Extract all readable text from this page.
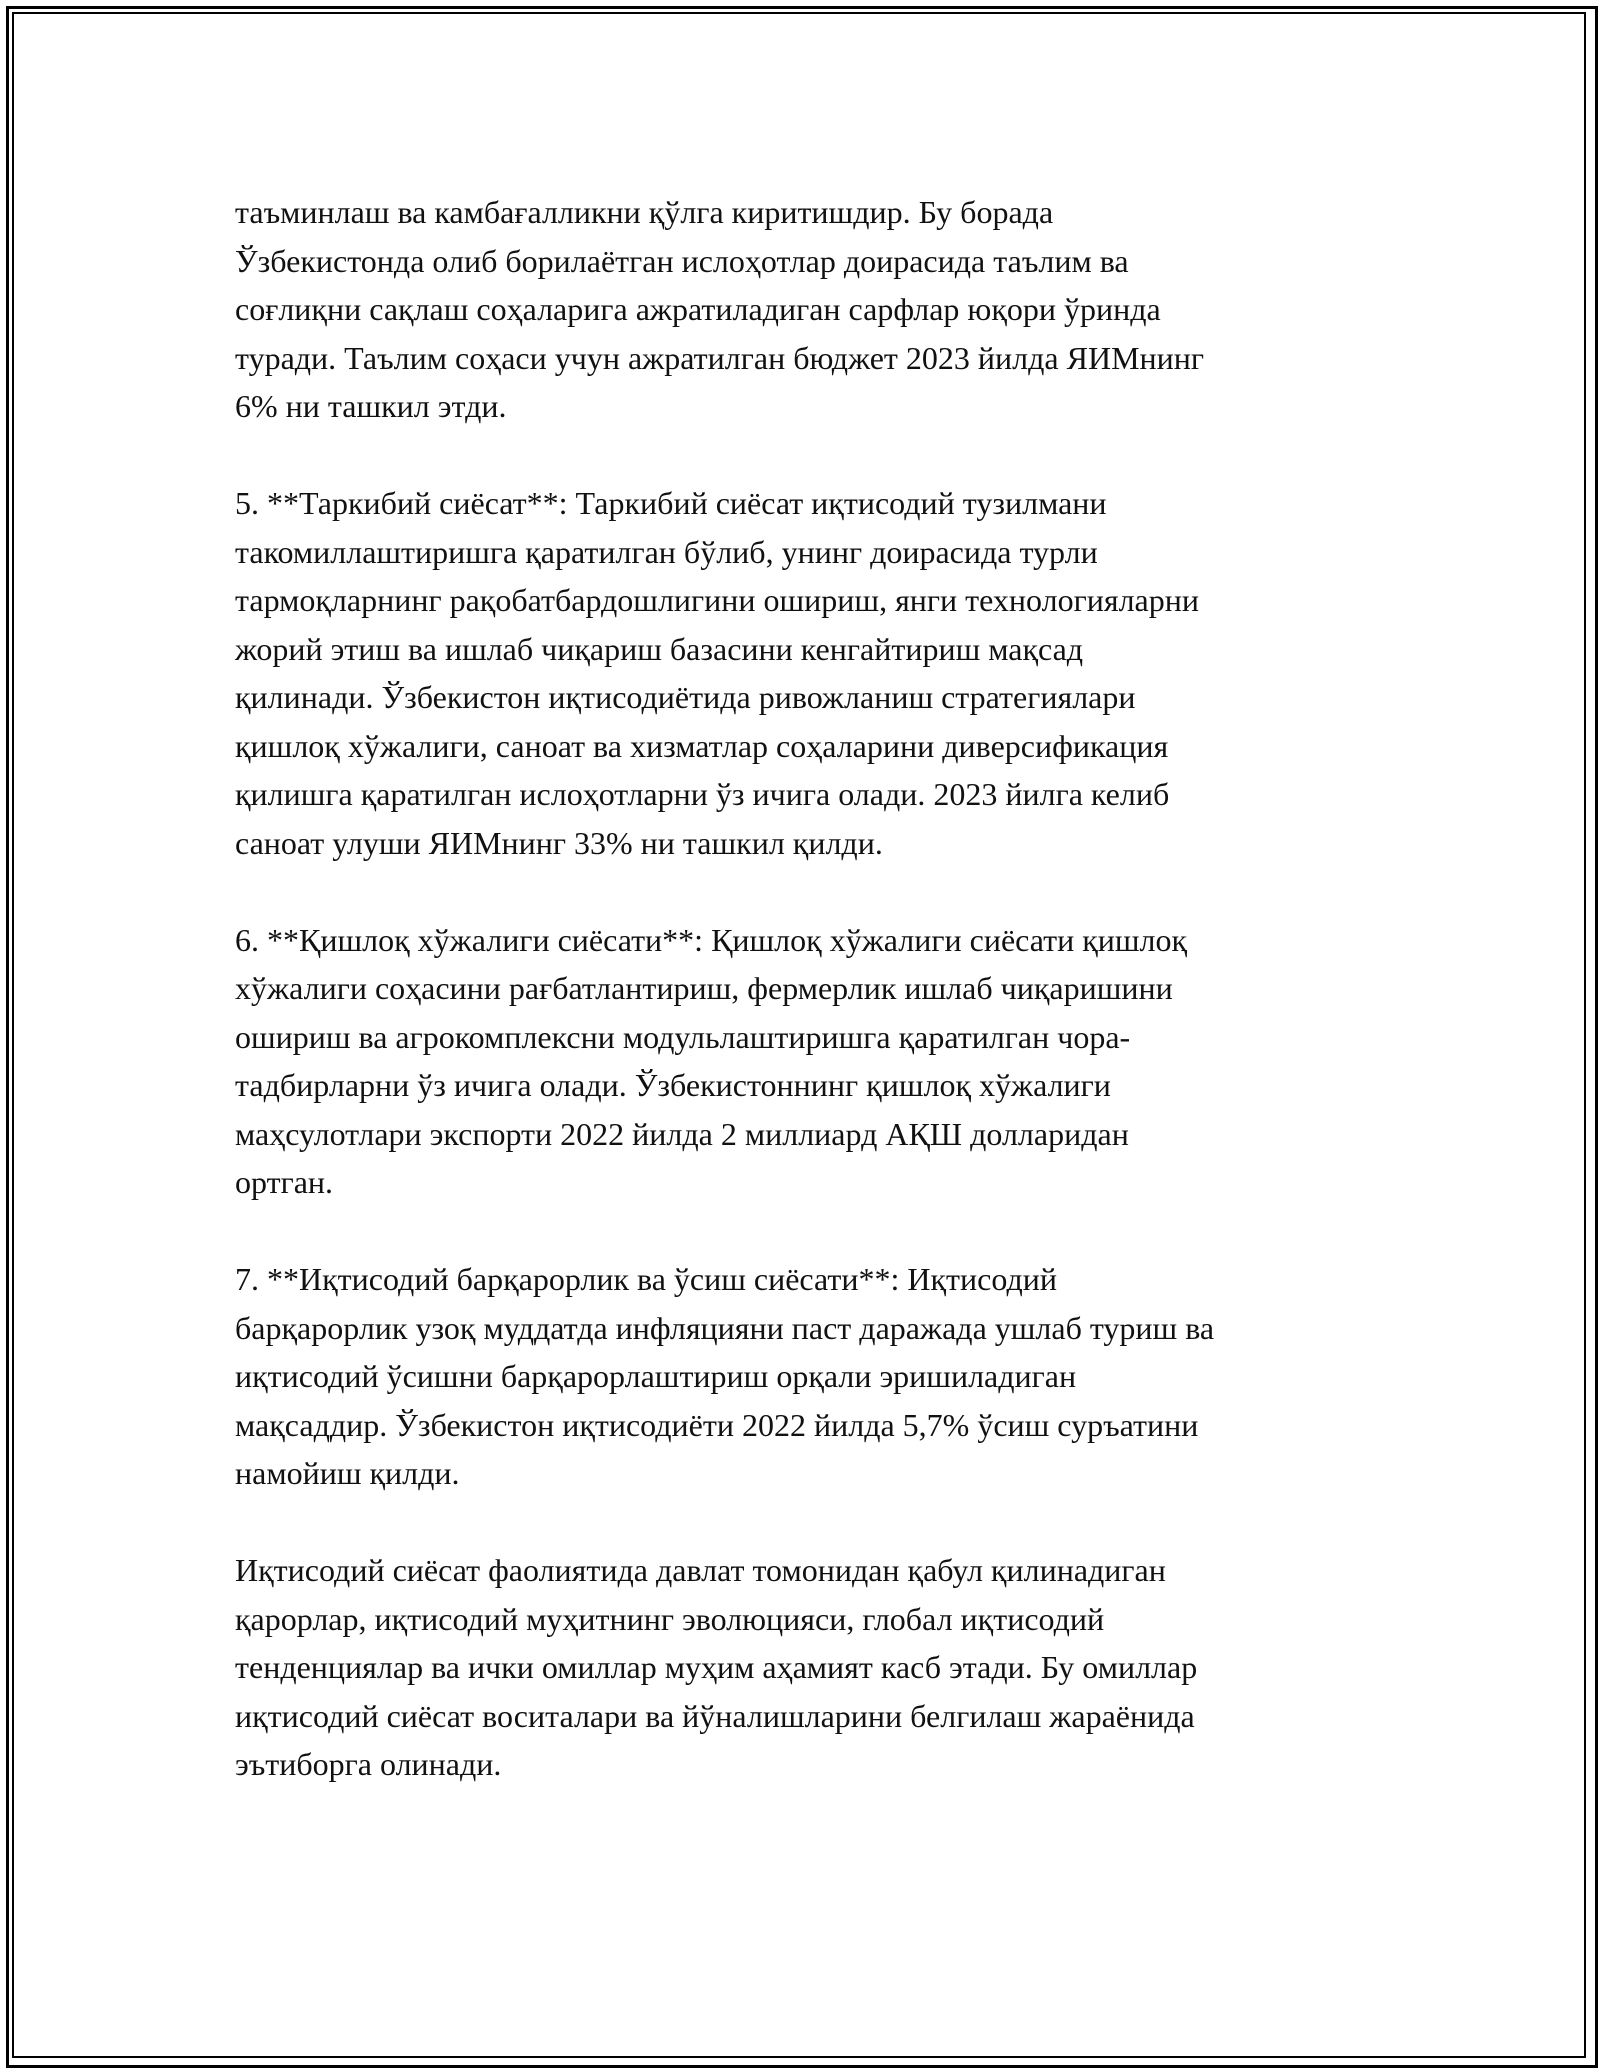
таъминлаш ва камбағалликни қўлга киритишдир. Бу борада
Ўзбекистонда олиб борилаётган ислоҳотлар доирасида таълим ва
соғлиқни сақлаш соҳаларига ажратиладиган сарфлар юқори ўринда
туради. Таълим соҳаси учун ажратилган бюджет 2023 йилда ЯИМнинг
6% ни ташкил этди.

5. **Таркибий сиёсат**: Таркибий сиёсат иқтисодий тузилмани
такомиллаштиришга қаратилган бўлиб, унинг доирасида турли
тармоқларнинг рақобатбардошлигини ошириш, янги технологияларни
жорий этиш ва ишлаб чиқариш базасини кенгайтириш мақсад
қилинади. Ўзбекистон иқтисодиётида ривожланиш стратегиялари
қишлоқ хўжалиги, саноат ва хизматлар соҳаларини диверсификация
қилишга қаратилган ислоҳотларни ўз ичига олади. 2023 йилга келиб
саноат улуши ЯИМнинг 33% ни ташкил қилди.

6. **Қишлоқ хўжалиги сиёсати**: Қишлоқ хўжалиги сиёсати қишлоқ
хўжалиги соҳасини рағбатлантириш, фермерлик ишлаб чиқаришини
ошириш ва агрокомплексни модульлаштиришга қаратилган чора-
тадбирларни ўз ичига олади. Ўзбекистоннинг қишлоқ хўжалиги
маҳсулотлари экспорти 2022 йилда 2 миллиард АҚШ долларидан
ортган.

7. **Иқтисодий барқарорлик ва ўсиш сиёсати**: Иқтисодий
барқарорлик узоқ муддатда инфляцияни паст даражада ушлаб туриш ва
иқтисодий ўсишни барқарорлаштириш орқали эришиладиган
мақсаддир. Ўзбекистон иқтисодиёти 2022 йилда 5,7% ўсиш суръатини
намойиш қилди.

Иқтисодий сиёсат фаолиятида давлат томонидан қабул қилинадиган
қарорлар, иқтисодий муҳитнинг эволюцияси, глобал иқтисодий
тенденциялар ва ички омиллар муҳим аҳамият касб этади. Бу омиллар
иқтисодий сиёсат воситалари ва йўналишларини белгилаш жараёнида
эътиборга олинади.
